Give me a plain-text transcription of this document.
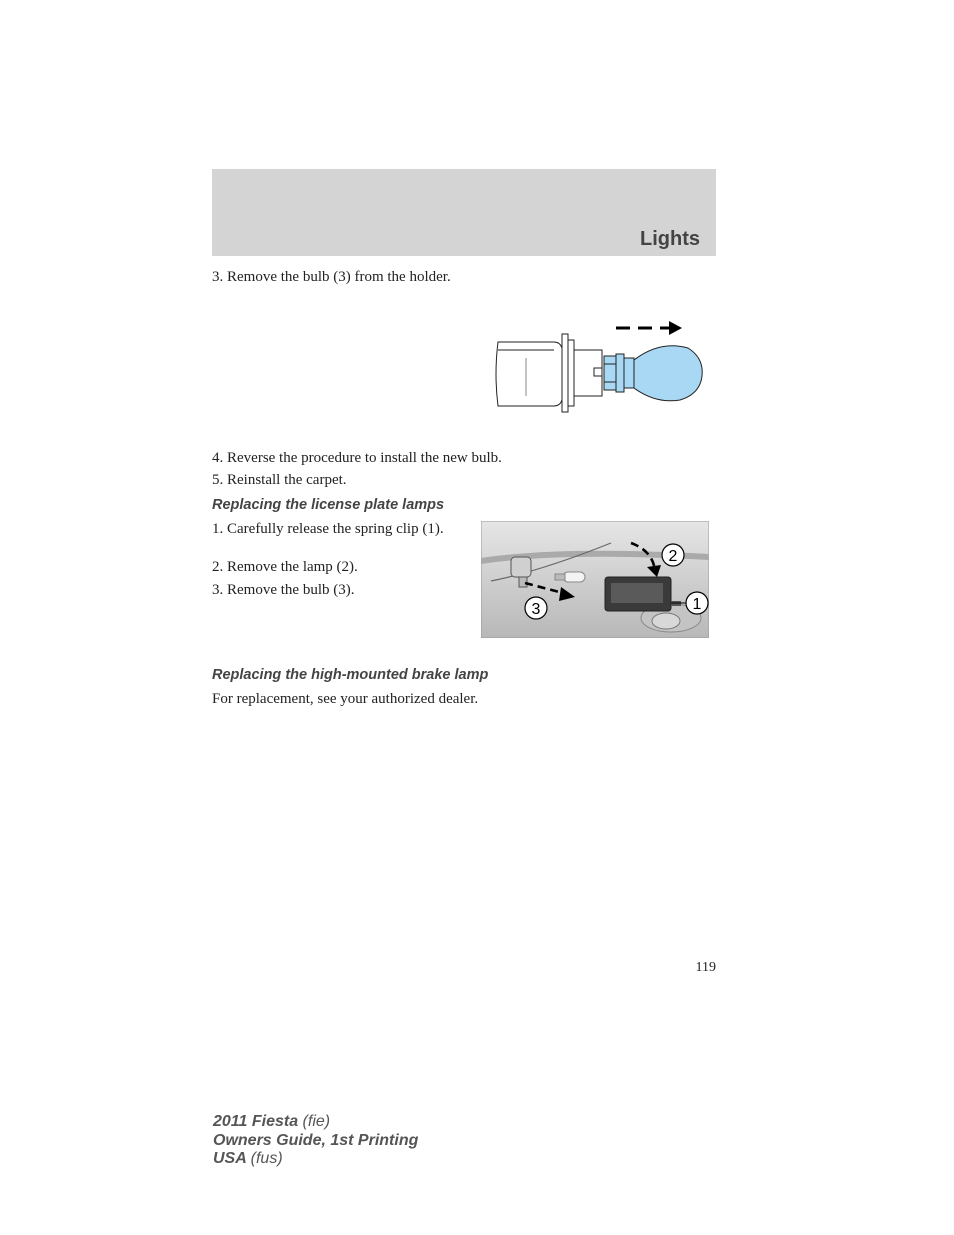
Lights
3. Remove the bulb (3) from the holder.
4. Reverse the procedure to install the new bulb.
5. Reinstall the carpet.
Replacing the license plate lamps
1. Carefully release the spring clip (1).
2. Remove the lamp (2).
3. Remove the bulb (3).
1
2
3
Replacing the high-mounted brake lamp
For replacement, see your authorized dealer.
119
2011 Fiesta (fie)
Owners Guide, 1st Printing
USA (fus)
